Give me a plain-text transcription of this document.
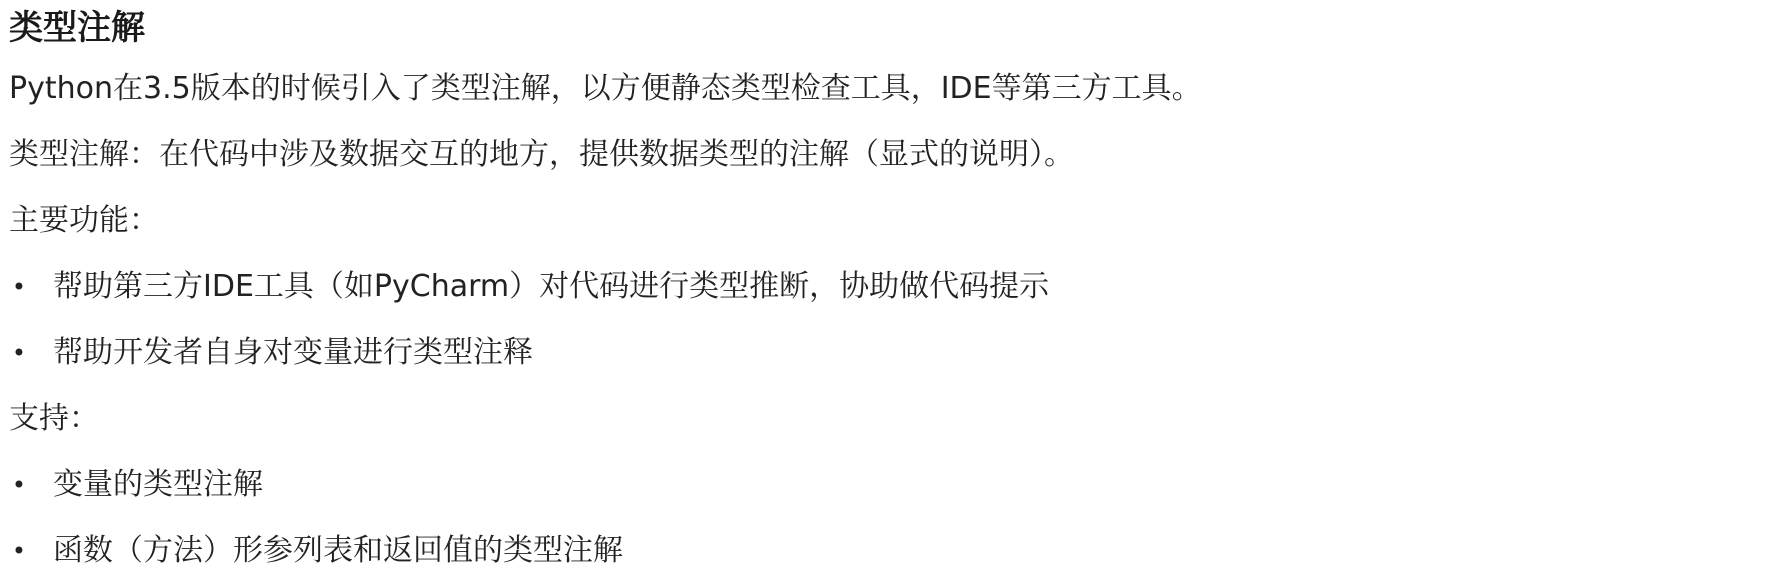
类型注解

Python在3.5版本的时候引入了类型注解，以方便静态类型检查工具，IDE等第三方工具。

类型注解：在代码中涉及数据交互的地方，提供数据类型的注解（显式的说明）。

主要功能：

• 帮助第三方IDE工具（如PyCharm）对代码进行类型推断，协助做代码提示
• 帮助开发者自身对变量进行类型注释

支持：

• 变量的类型注解
• 函数（方法）形参列表和返回值的类型注解
